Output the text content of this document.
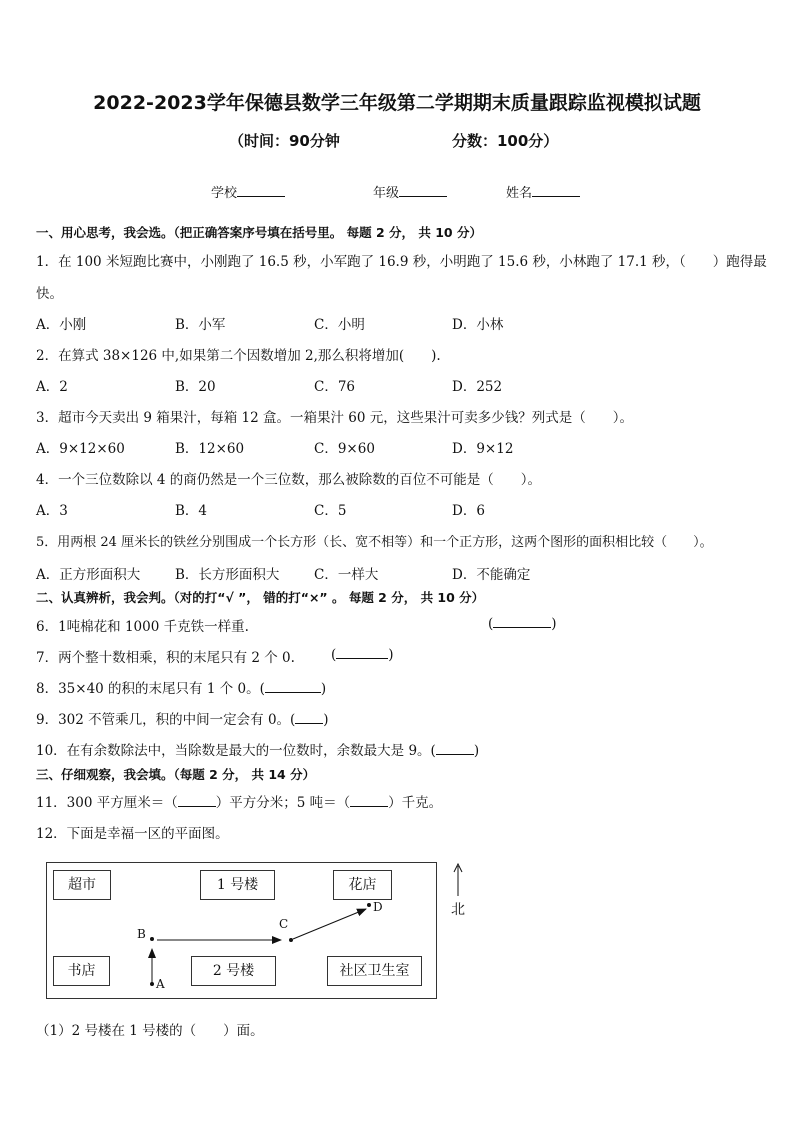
2022-2023学年保德县数学三年级第二学期期末质量跟踪监视模拟试题
（时间：90分钟	分数：100分）
学校	年级	姓名
一、用心思考，我会选。（把正确答案序号填在括号里。 每题 2 分， 共 10 分）
1．在 100 米短跑比赛中，小刚跑了 16.5 秒，小军跑了 16.9 秒，小明跑了 15.6 秒，小林跑了 17.1 秒，（　　）跑得最
快。
A．小刚	B．小军	C．小明	D．小林
2．在算式 38×126 中,如果第二个因数增加 2,那么积将增加(　　).
A．2	B．20	C．76	D．252
3．超市今天卖出 9 箱果汁，每箱 12 盒。一箱果汁 60 元，这些果汁可卖多少钱？列式是（　　）。
A．9×12×60	B．12×60	C．9×60	D．9×12
4．一个三位数除以 4 的商仍然是一个三位数，那么被除数的百位不可能是（　　）。
A．3	B．4	C．5	D．6
5．用两根 24 厘米长的铁丝分别围成一个长方形（长、宽不相等）和一个正方形，这两个图形的面积相比较（　　）。
A．正方形面积大	B．长方形面积大	C．一样大	D．不能确定
二、认真辨析，我会判。（对的打“√ ”， 错的打“×” 。 每题 2 分， 共 10 分）
6．1吨棉花和 1000 千克铁一样重.	(	)
7．两个整十数相乘，积的末尾只有 2 个 0.	(	)
8．35×40 的积的末尾只有 1 个 0。(	)
9．302 不管乘几，积的中间一定会有 0。( )
10．在有余数除法中，当除数是最大的一位数时，余数最大是 9。(	)
三、仔细观察，我会填。（每题 2 分， 共 14 分）
11．300 平方厘米＝（	）平方分米；5 吨＝（	）千克。
12．下面是幸福一区的平面图。
超市	1 号楼	花店
书店	2 号楼	社区卫生室
A
B
C
D	北
（1）2 号楼在 1 号楼的（　　）面。
